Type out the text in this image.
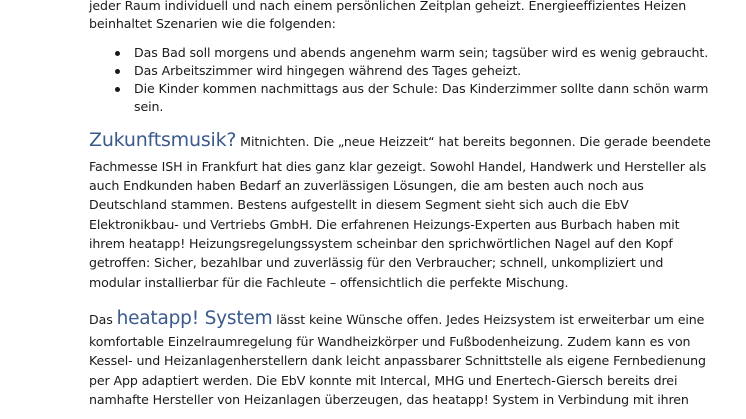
jeder Raum individuell und nach einem persönlichen Zeitplan geheizt. Energieeffizientes Heizen
beinhaltet Szenarien wie die folgenden:
Das Bad soll morgens und abends angenehm warm sein; tagsüber wird es wenig gebraucht.
Das Arbeitszimmer wird hingegen während des Tages geheizt.
Die Kinder kommen nachmittags aus der Schule: Das Kinderzimmer sollte dann schön warm
sein.
Zukunftsmusik? Mitnichten. Die „neue Heizzeit“ hat bereits begonnen. Die gerade beendete
Fachmesse ISH in Frankfurt hat dies ganz klar gezeigt. Sowohl Handel, Handwerk und Hersteller als
auch Endkunden haben Bedarf an zuverlässigen Lösungen, die am besten auch noch aus
Deutschland stammen. Bestens aufgestellt in diesem Segment sieht sich auch die EbV
Elektronikbau- und Vertriebs GmbH. Die erfahrenen Heizungs-Experten aus Burbach haben mit
ihrem heatapp! Heizungsregelungssystem scheinbar den sprichwörtlichen Nagel auf den Kopf
getroffen: Sicher, bezahlbar und zuverlässig für den Verbraucher; schnell, unkompliziert und
modular installierbar für die Fachleute – offensichtlich die perfekte Mischung.
Das heatapp! System lässt keine Wünsche offen. Jedes Heizsystem ist erweiterbar um eine
komfortable Einzelraumregelung für Wandheizkörper und Fußbodenheizung. Zudem kann es von
Kessel- und Heizanlagenherstellern dank leicht anpassbarer Schnittstelle als eigene Fernbedienung
per App adaptiert werden. Die EbV konnte mit Intercal, MHG und Enertech-Giersch bereits drei
namhafte Hersteller von Heizanlagen überzeugen, das heatapp! System in Verbindung mit ihren
